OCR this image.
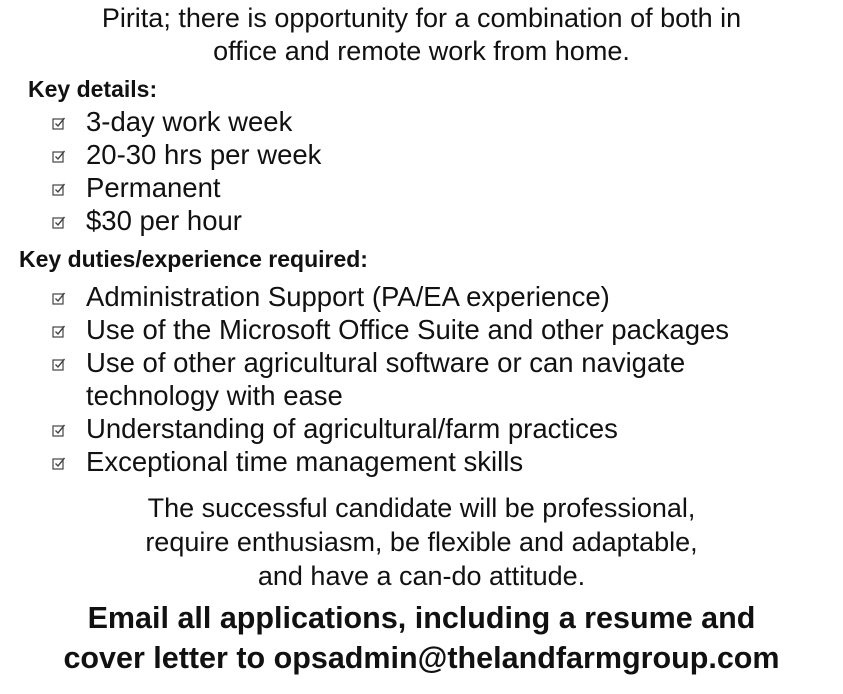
Pirita; there is opportunity for a combination of both in
office and remote work from home.
Key details:
3-day work week
20-30 hrs per week
Permanent
$30 per hour
Key duties/experience required:
Administration Support (PA/EA experience)
Use of the Microsoft Office Suite and other packages
Use of other agricultural software or can navigate technology with ease
Understanding of agricultural/farm practices
Exceptional time management skills
The successful candidate will be professional,
require enthusiasm, be flexible and adaptable,
and have a can-do attitude.
Email all applications, including a resume and
cover letter to opsadmin@thelandfarmgroup.com
